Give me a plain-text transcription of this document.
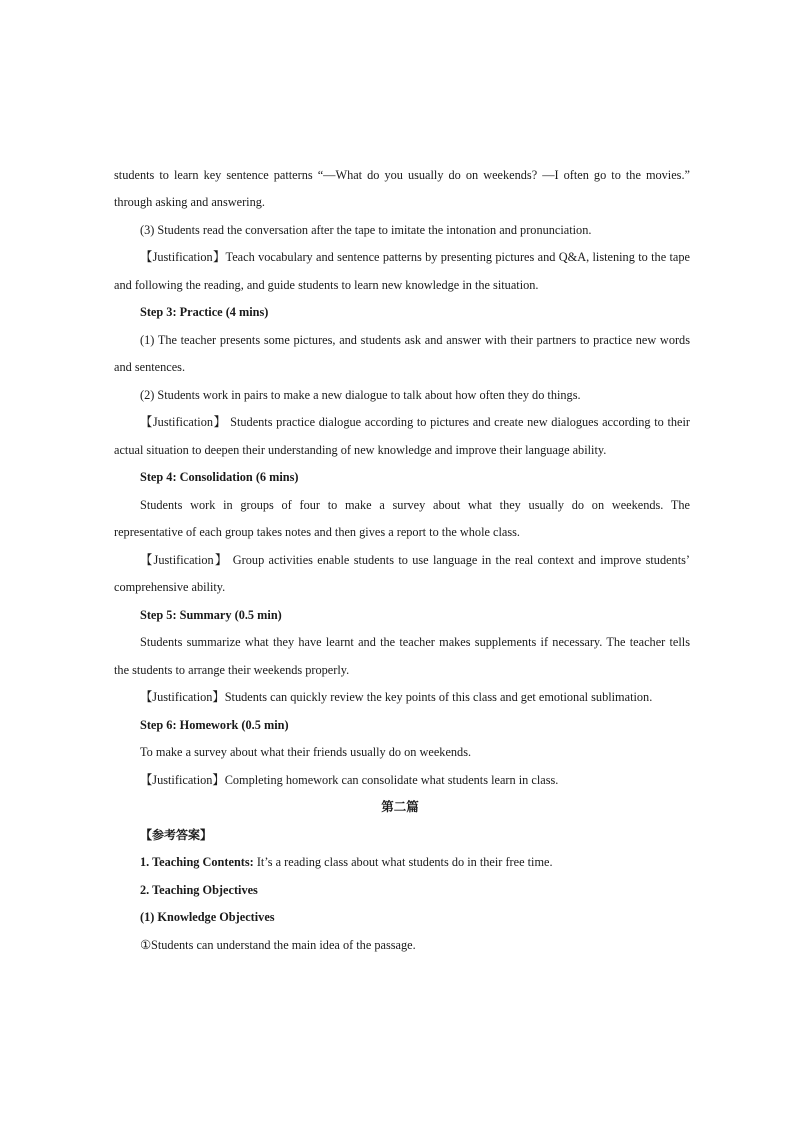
students to learn key sentence patterns “—What do you usually do on weekends? —I often go to the movies.”
through asking and answering.
(3) Students read the conversation after the tape to imitate the intonation and pronunciation.
【Justification】Teach vocabulary and sentence patterns by presenting pictures and Q&A, listening to the tape
and following the reading, and guide students to learn new knowledge in the situation.
Step 3: Practice (4 mins)
(1) The teacher presents some pictures, and students ask and answer with their partners to practice new words
and sentences.
(2) Students work in pairs to make a new dialogue to talk about how often they do things.
【Justification】 Students practice dialogue according to pictures and create new dialogues according to their
actual situation to deepen their understanding of new knowledge and improve their language ability.
Step 4: Consolidation (6 mins)
Students work in groups of four to make a survey about what they usually do on weekends. The
representative of each group takes notes and then gives a report to the whole class.
【Justification】 Group activities enable students to use language in the real context and improve students’
comprehensive ability.
Step 5: Summary (0.5 min)
Students summarize what they have learnt and the teacher makes supplements if necessary. The teacher tells
the students to arrange their weekends properly.
【Justification】Students can quickly review the key points of this class and get emotional sublimation.
Step 6: Homework (0.5 min)
To make a survey about what their friends usually do on weekends.
【Justification】Completing homework can consolidate what students learn in class.
第二篇
【参考答案】
1. Teaching Contents: It’s a reading class about what students do in their free time.
2. Teaching Objectives
(1) Knowledge Objectives
①Students can understand the main idea of the passage.
